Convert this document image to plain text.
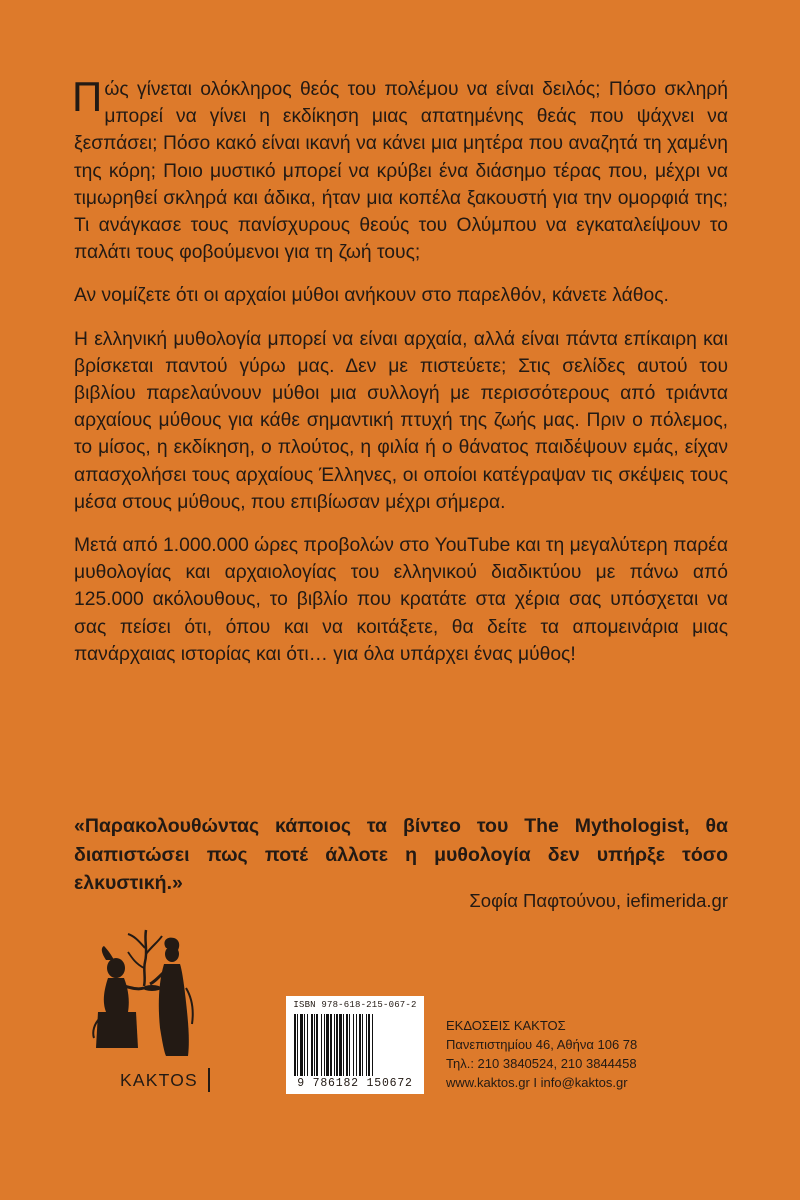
Πώς γίνεται ολόκληρος θεός του πολέμου να είναι δειλός; Πόσο σκληρή μπορεί να γίνει η εκδίκηση μιας απατημένης θεάς που ψάχνει να ξεσπάσει; Πόσο κακό είναι ικανή να κάνει μια μητέρα που αναζητά τη χαμένη της κόρη; Ποιο μυστικό μπορεί να κρύβει ένα διάσημο τέρας που, μέχρι να τιμωρηθεί σκληρά και άδικα, ήταν μια κοπέλα ξακουστή για την ομορφιά της; Τι ανάγκασε τους πανίσχυρους θεούς του Ολύμπου να εγκαταλείψουν το παλάτι τους φοβούμενοι για τη ζωή τους;

Αν νομίζετε ότι οι αρχαίοι μύθοι ανήκουν στο παρελθόν, κάνετε λάθος.

Η ελληνική μυθολογία μπορεί να είναι αρχαία, αλλά είναι πάντα επίκαιρη και βρίσκεται παντού γύρω μας. Δεν με πιστεύετε; Στις σελίδες αυτού του βιβλίου παρελαύνουν μύθοι μια συλλογή με περισσότερους από τριάντα αρχαίους μύθους για κάθε σημαντική πτυχή της ζωής μας. Πριν ο πόλεμος, το μίσος, η εκδίκηση, ο πλούτος, η φιλία ή ο θάνατος παιδέψουν εμάς, είχαν απασχολήσει τους αρχαίους Έλληνες, οι οποίοι κατέγραψαν τις σκέψεις τους μέσα στους μύθους, που επιβίωσαν μέχρι σήμερα.

Μετά από 1.000.000 ώρες προβολών στο YouTube και τη μεγαλύτερη παρέα μυθολογίας και αρχαιολογίας του ελληνικού διαδικτύου με πάνω από 125.000 ακόλουθους, το βιβλίο που κρατάτε στα χέρια σας υπόσχεται να σας πείσει ότι, όπου και να κοιτάξετε, θα δείτε τα απομεινάρια μιας πανάρχαιας ιστορίας και ότι… για όλα υπάρχει ένας μύθος!

«Παρακολουθώντας κάποιος τα βίντεο του The Mythologist, θα διαπιστώσει πως ποτέ άλλοτε η μυθολογία δεν υπήρξε τόσο ελκυστική.»
Σοφία Παφτούνου, iefimerida.gr
KAKTOS
ISBN 978-618-215-067-2
9 786182 150672
ΕΚΔΟΣΕΙΣ ΚΑΚΤΟΣ
Πανεπιστημίου 46, Αθήνα 106 78
Τηλ.: 210 3840524, 210 3844458
www.kaktos.gr I info@kaktos.gr
